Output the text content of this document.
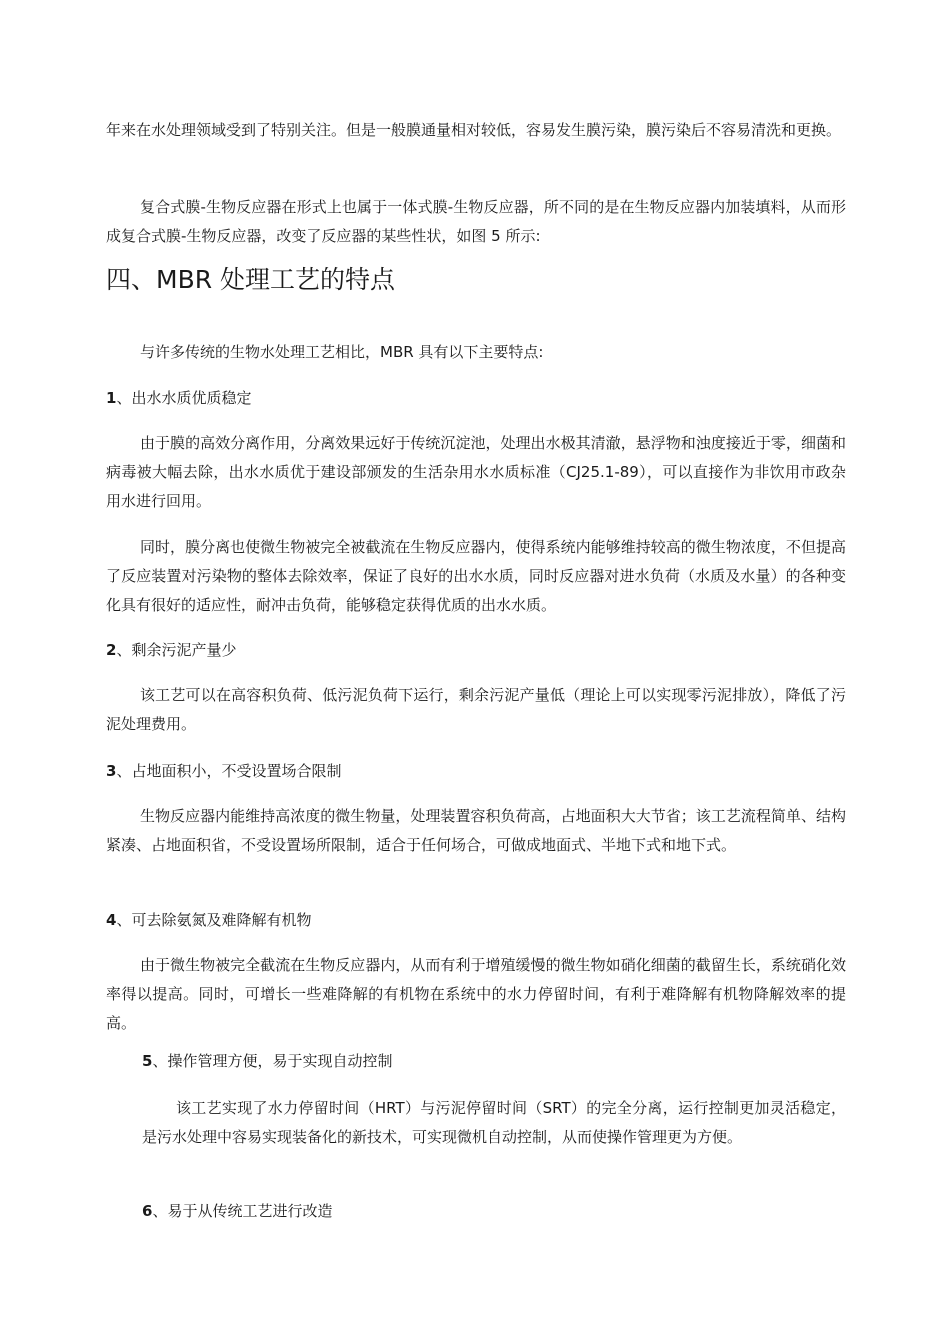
年来在水处理领域受到了特别关注。但是一般膜通量相对较低，容易发生膜污染，膜污染后不容易清洗和更换。

复合式膜-生物反应器在形式上也属于一体式膜-生物反应器，所不同的是在生物反应器内加装填料，从而形成复合式膜-生物反应器，改变了反应器的某些性状，如图 5 所示:

四、MBR 处理工艺的特点

与许多传统的生物水处理工艺相比，MBR 具有以下主要特点:

1、出水水质优质稳定

由于膜的高效分离作用，分离效果远好于传统沉淀池，处理出水极其清澈，悬浮物和浊度接近于零，细菌和病毒被大幅去除，出水水质优于建设部颁发的生活杂用水水质标准（CJ25.1-89），可以直接作为非饮用市政杂用水进行回用。

同时，膜分离也使微生物被完全被截流在生物反应器内，使得系统内能够维持较高的微生物浓度，不但提高了反应装置对污染物的整体去除效率，保证了良好的出水水质，同时反应器对进水负荷（水质及水量）的各种变化具有很好的适应性，耐冲击负荷，能够稳定获得优质的出水水质。

2、剩余污泥产量少

该工艺可以在高容积负荷、低污泥负荷下运行，剩余污泥产量低（理论上可以实现零污泥排放），降低了污泥处理费用。

3、占地面积小，不受设置场合限制

生物反应器内能维持高浓度的微生物量，处理装置容积负荷高，占地面积大大节省；该工艺流程简单、结构紧凑、占地面积省，不受设置场所限制，适合于任何场合，可做成地面式、半地下式和地下式。

4、可去除氨氮及难降解有机物

由于微生物被完全截流在生物反应器内，从而有利于增殖缓慢的微生物如硝化细菌的截留生长，系统硝化效率得以提高。同时，可增长一些难降解的有机物在系统中的水力停留时间，有利于难降解有机物降解效率的提高。

5、操作管理方便，易于实现自动控制

该工艺实现了水力停留时间（HRT）与污泥停留时间（SRT）的完全分离，运行控制更加灵活稳定，是污水处理中容易实现装备化的新技术，可实现微机自动控制，从而使操作管理更为方便。

6、易于从传统工艺进行改造
